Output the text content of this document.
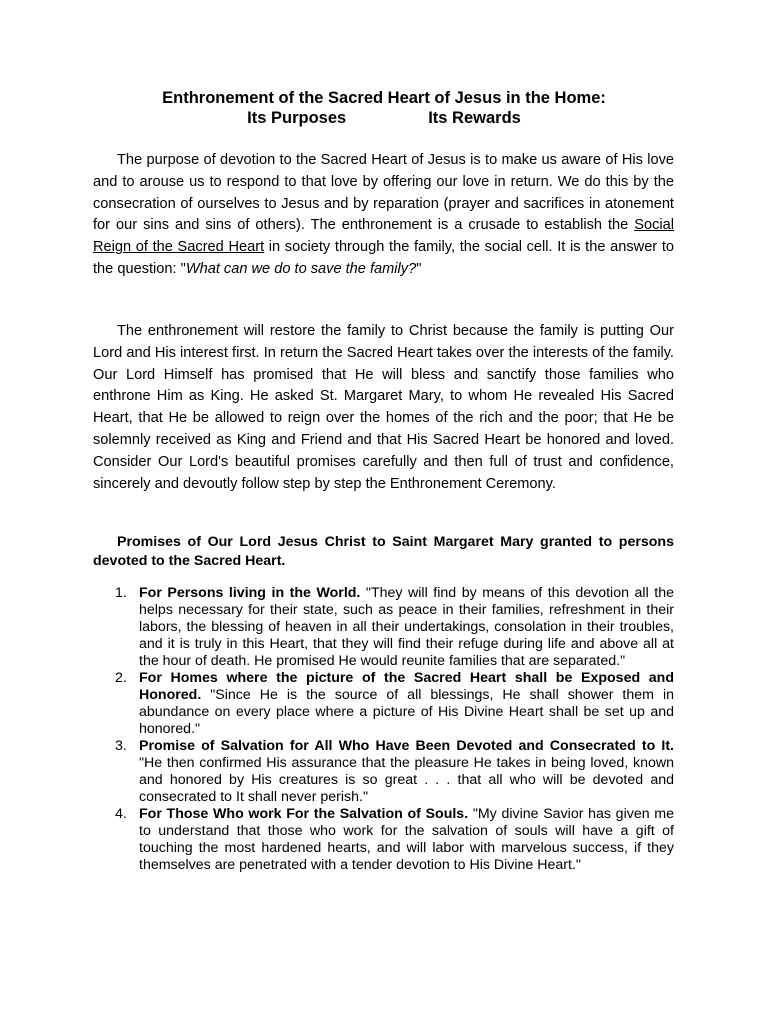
Enthronement of the Sacred Heart of Jesus in the Home:
Its Purposes	Its Rewards

The purpose of devotion to the Sacred Heart of Jesus is to make us aware of His love and to arouse us to respond to that love by offering our love in return. We do this by the consecration of ourselves to Jesus and by reparation (prayer and sacrifices in atonement for our sins and sins of others). The enthronement is a crusade to establish the Social Reign of the Sacred Heart in society through the family, the social cell. It is the answer to the question: "What can we do to save the family?"

The enthronement will restore the family to Christ because the family is putting Our Lord and His interest first. In return the Sacred Heart takes over the interests of the family. Our Lord Himself has promised that He will bless and sanctify those families who enthrone Him as King. He asked St. Margaret Mary, to whom He revealed His Sacred Heart, that He be allowed to reign over the homes of the rich and the poor; that He be solemnly received as King and Friend and that His Sacred Heart be honored and loved. Consider Our Lord's beautiful promises carefully and then full of trust and confidence, sincerely and devoutly follow step by step the Enthronement Ceremony.

Promises of Our Lord Jesus Christ to Saint Margaret Mary granted to persons devoted to the Sacred Heart.

1. For Persons living in the World. "They will find by means of this devotion all the helps necessary for their state, such as peace in their families, refreshment in their labors, the blessing of heaven in all their undertakings, consolation in their troubles, and it is truly in this Heart, that they will find their refuge during life and above all at the hour of death. He promised He would reunite families that are separated."
2. For Homes where the picture of the Sacred Heart shall be Exposed and Honored. "Since He is the source of all blessings, He shall shower them in abundance on every place where a picture of His Divine Heart shall be set up and honored."
3. Promise of Salvation for All Who Have Been Devoted and Consecrated to It. "He then confirmed His assurance that the pleasure He takes in being loved, known and honored by His creatures is so great . . . that all who will be devoted and consecrated to It shall never perish."
4. For Those Who work For the Salvation of Souls. "My divine Savior has given me to understand that those who work for the salvation of souls will have a gift of touching the most hardened hearts, and will labor with marvelous success, if they themselves are penetrated with a tender devotion to His Divine Heart."
